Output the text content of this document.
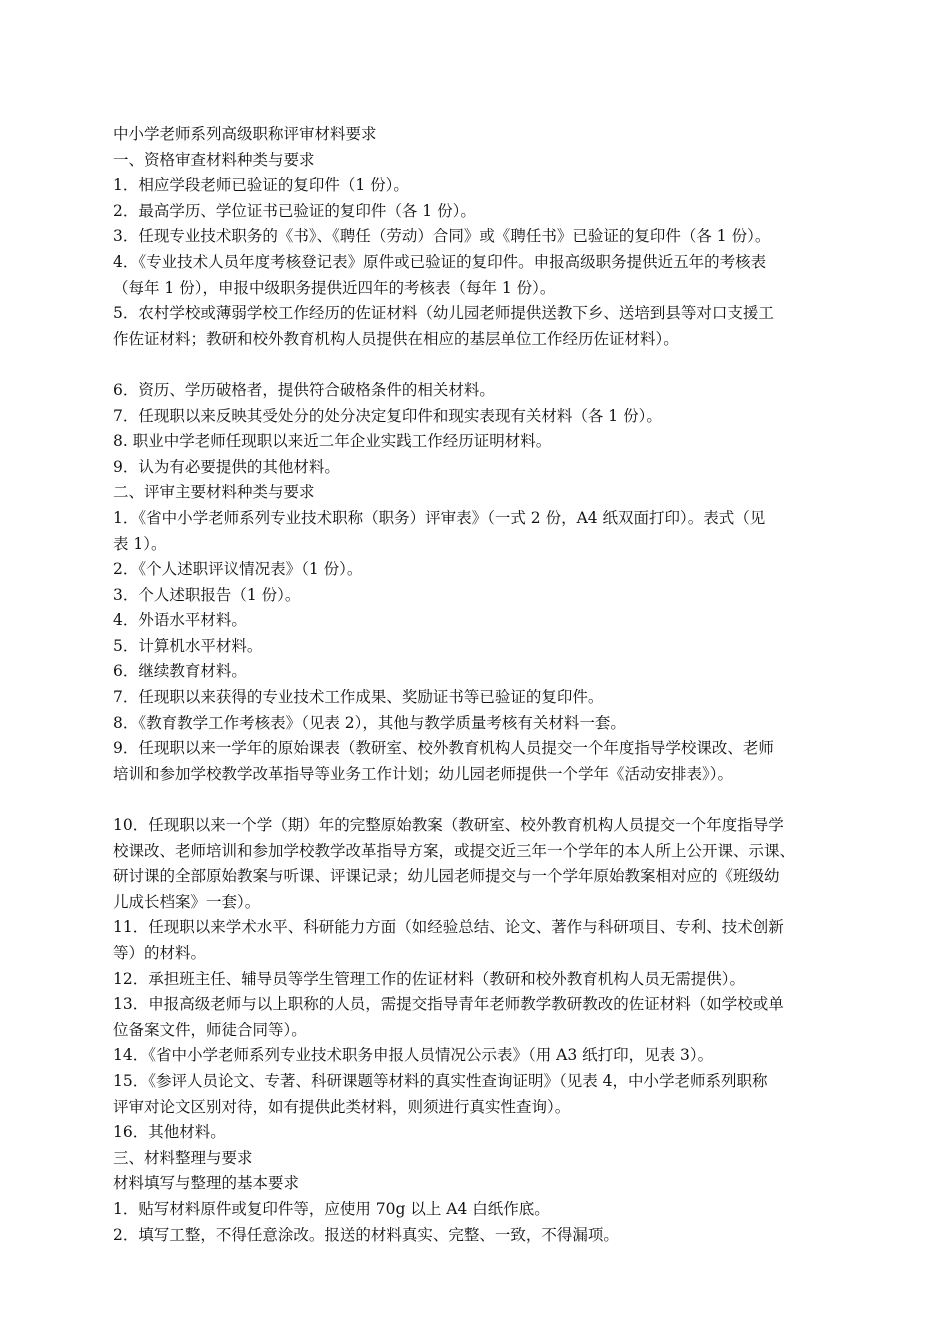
中小学老师系列高级职称评审材料要求
一、资格审查材料种类与要求
1．相应学段老师已验证的复印件（1 份）。
2．最高学历、学位证书已验证的复印件（各 1 份）。
3．任现专业技术职务的《书》、《聘任（劳动）合同》或《聘任书》已验证的复印件（各 1 份）。
4．《专业技术人员年度考核登记表》原件或已验证的复印件。申报高级职务提供近五年的考核表
（每年 1 份），申报中级职务提供近四年的考核表（每年 1 份）。
5．农村学校或薄弱学校工作经历的佐证材料（幼儿园老师提供送教下乡、送培到县等对口支援工
作佐证材料；教研和校外教育机构人员提供在相应的基层单位工作经历佐证材料）。
6．资历、学历破格者，提供符合破格条件的相关材料。
7．任现职以来反映其受处分的处分决定复印件和现实表现有关材料（各 1 份）。
8. 职业中学老师任现职以来近二年企业实践工作经历证明材料。
9．认为有必要提供的其他材料。
二、评审主要材料种类与要求
1．《省中小学老师系列专业技术职称（职务）评审表》（一式 2 份，A4 纸双面打印）。表式（见
表 1）。
2．《个人述职评议情况表》（1 份）。
3．个人述职报告（1 份）。
4．外语水平材料。
5．计算机水平材料。
6．继续教育材料。
7．任现职以来获得的专业技术工作成果、奖励证书等已验证的复印件。
8．《教育教学工作考核表》（见表 2），其他与教学质量考核有关材料一套。
9．任现职以来一学年的原始课表（教研室、校外教育机构人员提交一个年度指导学校课改、老师
培训和参加学校教学改革指导等业务工作计划；幼儿园老师提供一个学年《活动安排表》）。
10．任现职以来一个学（期）年的完整原始教案（教研室、校外教育机构人员提交一个年度指导学
校课改、老师培训和参加学校教学改革指导方案，或提交近三年一个学年的本人所上公开课、示课、
研讨课的全部原始教案与听课、评课记录；幼儿园老师提交与一个学年原始教案相对应的《班级幼
儿成长档案》一套）。
11．任现职以来学术水平、科研能力方面（如经验总结、论文、著作与科研项目、专利、技术创新
等）的材料。
12．承担班主任、辅导员等学生管理工作的佐证材料（教研和校外教育机构人员无需提供）。
13．申报高级老师与以上职称的人员，需提交指导青年老师教学教研教改的佐证材料（如学校或单
位备案文件，师徒合同等）。
14．《省中小学老师系列专业技术职务申报人员情况公示表》（用 A3 纸打印，见表 3）。
15．《参评人员论文、专著、科研课题等材料的真实性查询证明》（见表 4，中小学老师系列职称
评审对论文区别对待，如有提供此类材料，则须进行真实性查询）。
16．其他材料。
三、材料整理与要求
材料填写与整理的基本要求
1．贴写材料原件或复印件等，应使用 70g 以上 A4 白纸作底。
2．填写工整，不得任意涂改。报送的材料真实、完整、一致，不得漏项。
